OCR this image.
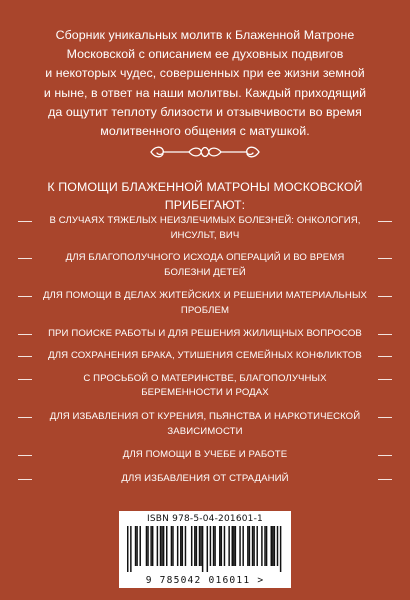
Сборник уникальных молитв к Блаженной Матроне
Московской с описанием ее духовных подвигов
и некоторых чудес, совершенных при ее жизни земной
и ныне, в ответ на наши молитвы. Каждый приходящий
да ощутит теплоту близости и отзывчивости во время
молитвенного общения с матушкой.
К ПОМОЩИ БЛАЖЕННОЙ МАТРОНЫ МОСКОВСКОЙ
ПРИБЕГАЮТ:
В СЛУЧАЯХ ТЯЖЕЛЫХ НЕИЗЛЕЧИМЫХ БОЛЕЗНЕЙ: ОНКОЛОГИЯ, ИНСУЛЬТ, ВИЧ
ДЛЯ БЛАГОПОЛУЧНОГО ИСХОДА ОПЕРАЦИЙ И ВО ВРЕМЯ БОЛЕЗНИ ДЕТЕЙ
ДЛЯ ПОМОЩИ В ДЕЛАХ ЖИТЕЙСКИХ И РЕШЕНИИ МАТЕРИАЛЬНЫХ ПРОБЛЕМ
ПРИ ПОИСКЕ РАБОТЫ И ДЛЯ РЕШЕНИЯ ЖИЛИЩНЫХ ВОПРОСОВ
ДЛЯ СОХРАНЕНИЯ БРАКА, УТИШЕНИЯ СЕМЕЙНЫХ КОНФЛИКТОВ
С ПРОСЬБОЙ О МАТЕРИНСТВЕ, БЛАГОПОЛУЧНЫХ БЕРЕМЕННОСТИ И РОДАХ
ДЛЯ ИЗБАВЛЕНИЯ ОТ КУРЕНИЯ, ПЬЯНСТВА И НАРКОТИЧЕСКОЙ ЗАВИСИМОСТИ
ДЛЯ ПОМОЩИ В УЧЕБЕ И РАБОТЕ
ДЛЯ ИЗБАВЛЕНИЯ ОТ СТРАДАНИЙ
ISBN 978-5-04-201601-1
9 785042 016011 >
